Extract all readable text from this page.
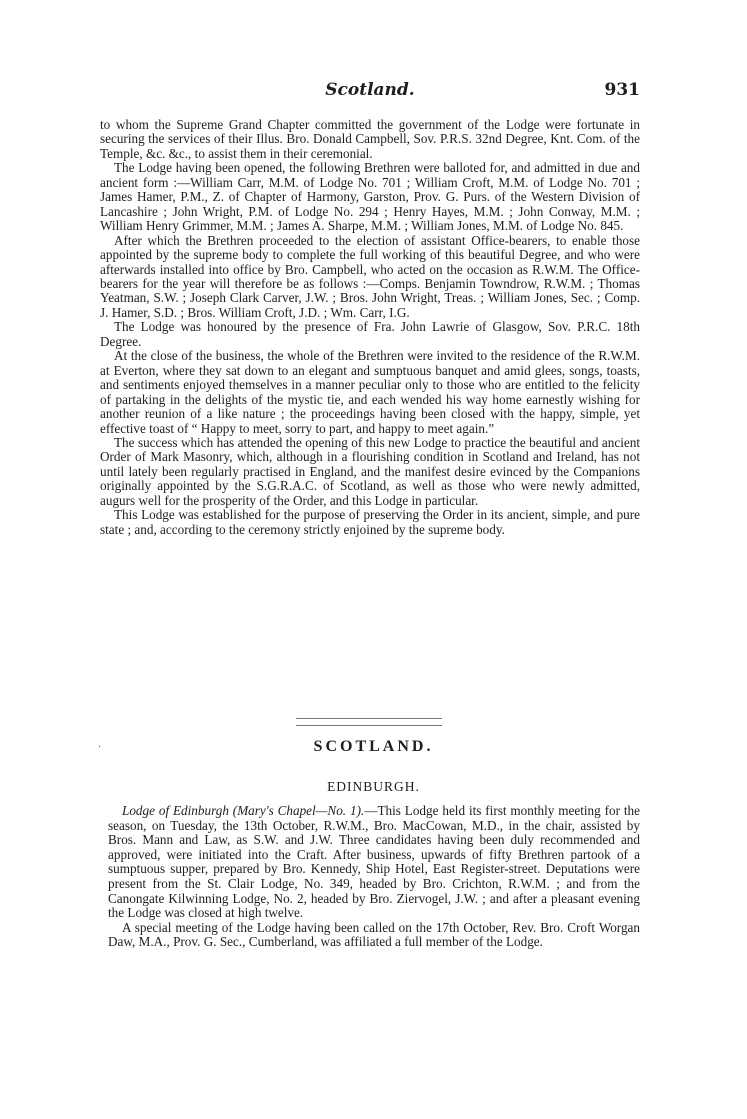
Scotland.	931

to whom the Supreme Grand Chapter committed the government of the Lodge were fortunate in securing the services of their Illus. Bro. Donald Campbell, Sov. P.R.S. 32nd Degree, Knt. Com. of the Temple, &c. &c., to assist them in their ceremonial.

The Lodge having been opened, the following Brethren were balloted for, and admitted in due and ancient form :—William Carr, M.M. of Lodge No. 701 ; William Croft, M.M. of Lodge No. 701 ; James Hamer, P.M., Z. of Chapter of Harmony, Garston, Prov. G. Purs. of the Western Division of Lancashire ; John Wright, P.M. of Lodge No. 294 ; Henry Hayes, M.M. ; John Conway, M.M. ; William Henry Grimmer, M.M. ; James A. Sharpe, M.M. ; William Jones, M.M. of Lodge No. 845.

After which the Brethren proceeded to the election of assistant Office-bearers, to enable those appointed by the supreme body to complete the full working of this beautiful Degree, and who were afterwards installed into office by Bro. Campbell, who acted on the occasion as R.W.M. The Office-bearers for the year will therefore be as follows :—Comps. Benjamin Towndrow, R.W.M. ; Thomas Yeatman, S.W. ; Joseph Clark Carver, J.W. ; Bros. John Wright, Treas. ; William Jones, Sec. ; Comp. J. Hamer, S.D. ; Bros. William Croft, J.D. ; Wm. Carr, I.G.

The Lodge was honoured by the presence of Fra. John Lawrie of Glasgow, Sov. P.R.C. 18th Degree.

At the close of the business, the whole of the Brethren were invited to the residence of the R.W.M. at Everton, where they sat down to an elegant and sumptuous banquet and amid glees, songs, toasts, and sentiments enjoyed themselves in a manner peculiar only to those who are entitled to the felicity of partaking in the delights of the mystic tie, and each wended his way home earnestly wishing for another reunion of a like nature ; the proceedings having been closed with the happy, simple, yet effective toast of “ Happy to meet, sorry to part, and happy to meet again.”

The success which has attended the opening of this new Lodge to practice the beautiful and ancient Order of Mark Masonry, which, although in a flourishing condition in Scotland and Ireland, has not until lately been regularly practised in England, and the manifest desire evinced by the Companions originally appointed by the S.G.R.A.C. of Scotland, as well as those who were newly admitted, augurs well for the prosperity of the Order, and this Lodge in particular.

This Lodge was established for the purpose of preserving the Order in its ancient, simple, and pure state ; and, according to the ceremony strictly enjoined by the supreme body.

·	SCOTLAND.
EDINBURGH.

Lodge of Edinburgh (Mary's Chapel—No. 1).—This Lodge held its first monthly meeting for the season, on Tuesday, the 13th October, R.W.M., Bro. MacCowan, M.D., in the chair, assisted by Bros. Mann and Law, as S.W. and J.W. Three candidates having been duly recommended and approved, were initiated into the Craft. After business, upwards of fifty Brethren partook of a sumptuous supper, prepared by Bro. Kennedy, Ship Hotel, East Register-street. Deputations were present from the St. Clair Lodge, No. 349, headed by Bro. Crichton, R.W.M. ; and from the Canongate Kilwinning Lodge, No. 2, headed by Bro. Ziervogel, J.W. ; and after a pleasant evening the Lodge was closed at high twelve.

A special meeting of the Lodge having been called on the 17th October, Rev. Bro. Croft Worgan Daw, M.A., Prov. G. Sec., Cumberland, was affiliated a full member of the Lodge.
